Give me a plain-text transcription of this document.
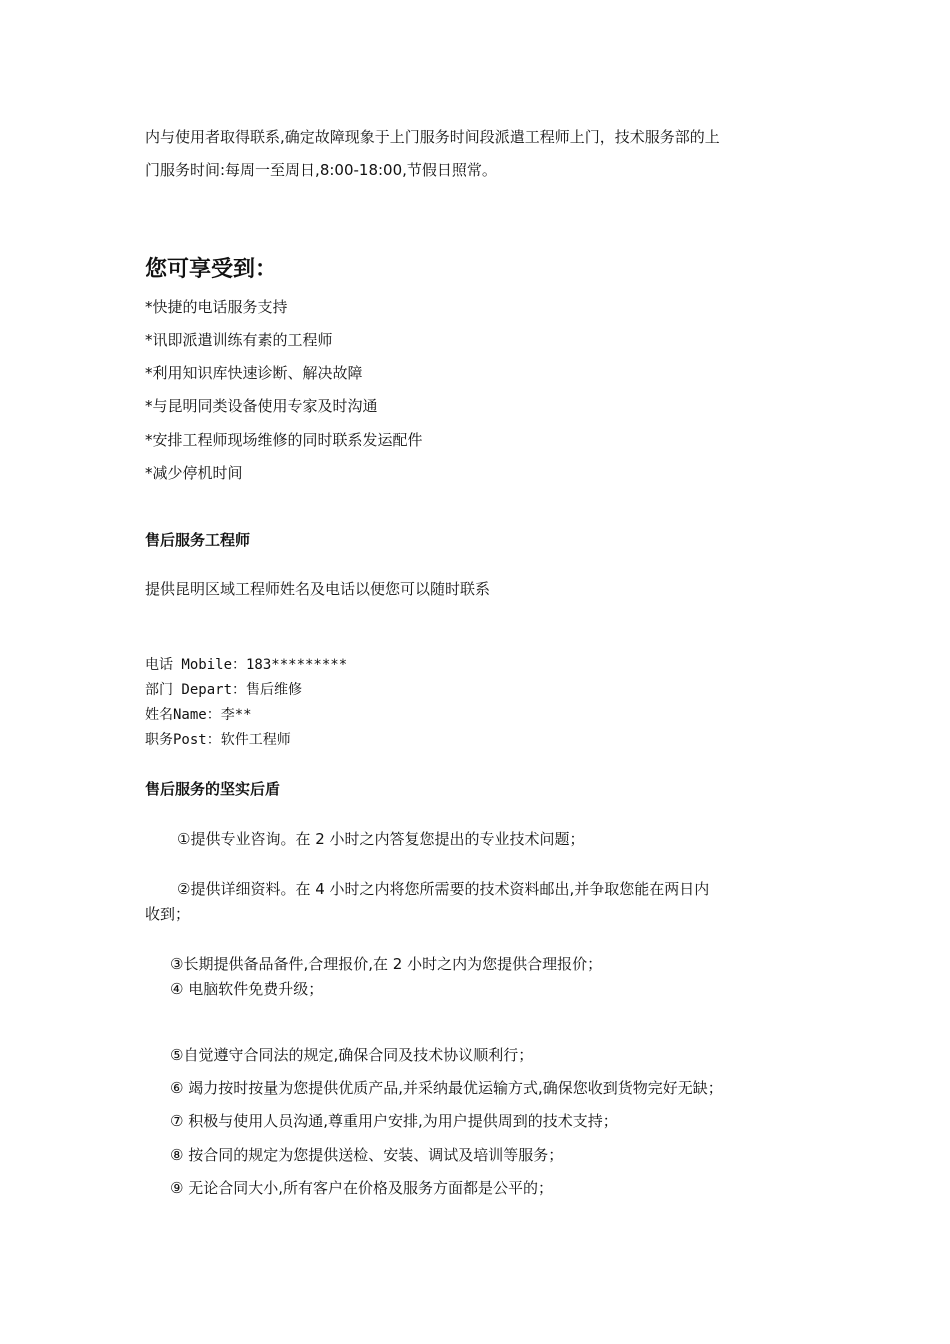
内与使用者取得联系,确定故障现象于上门服务时间段派遣工程师上门，技术服务部的上

门服务时间:每周一至周日,8:00-18:00,节假日照常。

您可享受到：

*快捷的电话服务支持

*讯即派遣训练有素的工程师

*利用知识库快速诊断、解决故障

*与昆明同类设备使用专家及时沟通

*安排工程师现场维修的同时联系发运配件

*减少停机时间

售后服务工程师

提供昆明区域工程师姓名及电话以便您可以随时联系

电话 Mobile：183*********

部门 Depart：售后维修

姓名Name：李**

职务Post：软件工程师

售后服务的坚实后盾

①提供专业咨询。在 2 小时之内答复您提出的专业技术问题；

②提供详细资料。在 4 小时之内将您所需要的技术资料邮出,并争取您能在两日内

收到；

③长期提供备品备件,合理报价,在 2 小时之内为您提供合理报价；

④ 电脑软件免费升级；

⑤自觉遵守合同法的规定,确保合同及技术协议顺利行；

⑥ 竭力按时按量为您提供优质产品,并采纳最优运输方式,确保您收到货物完好无缺；

⑦ 积极与使用人员沟通,尊重用户安排,为用户提供周到的技术支持；

⑧ 按合同的规定为您提供送检、安装、调试及培训等服务；

⑨ 无论合同大小,所有客户在价格及服务方面都是公平的；
